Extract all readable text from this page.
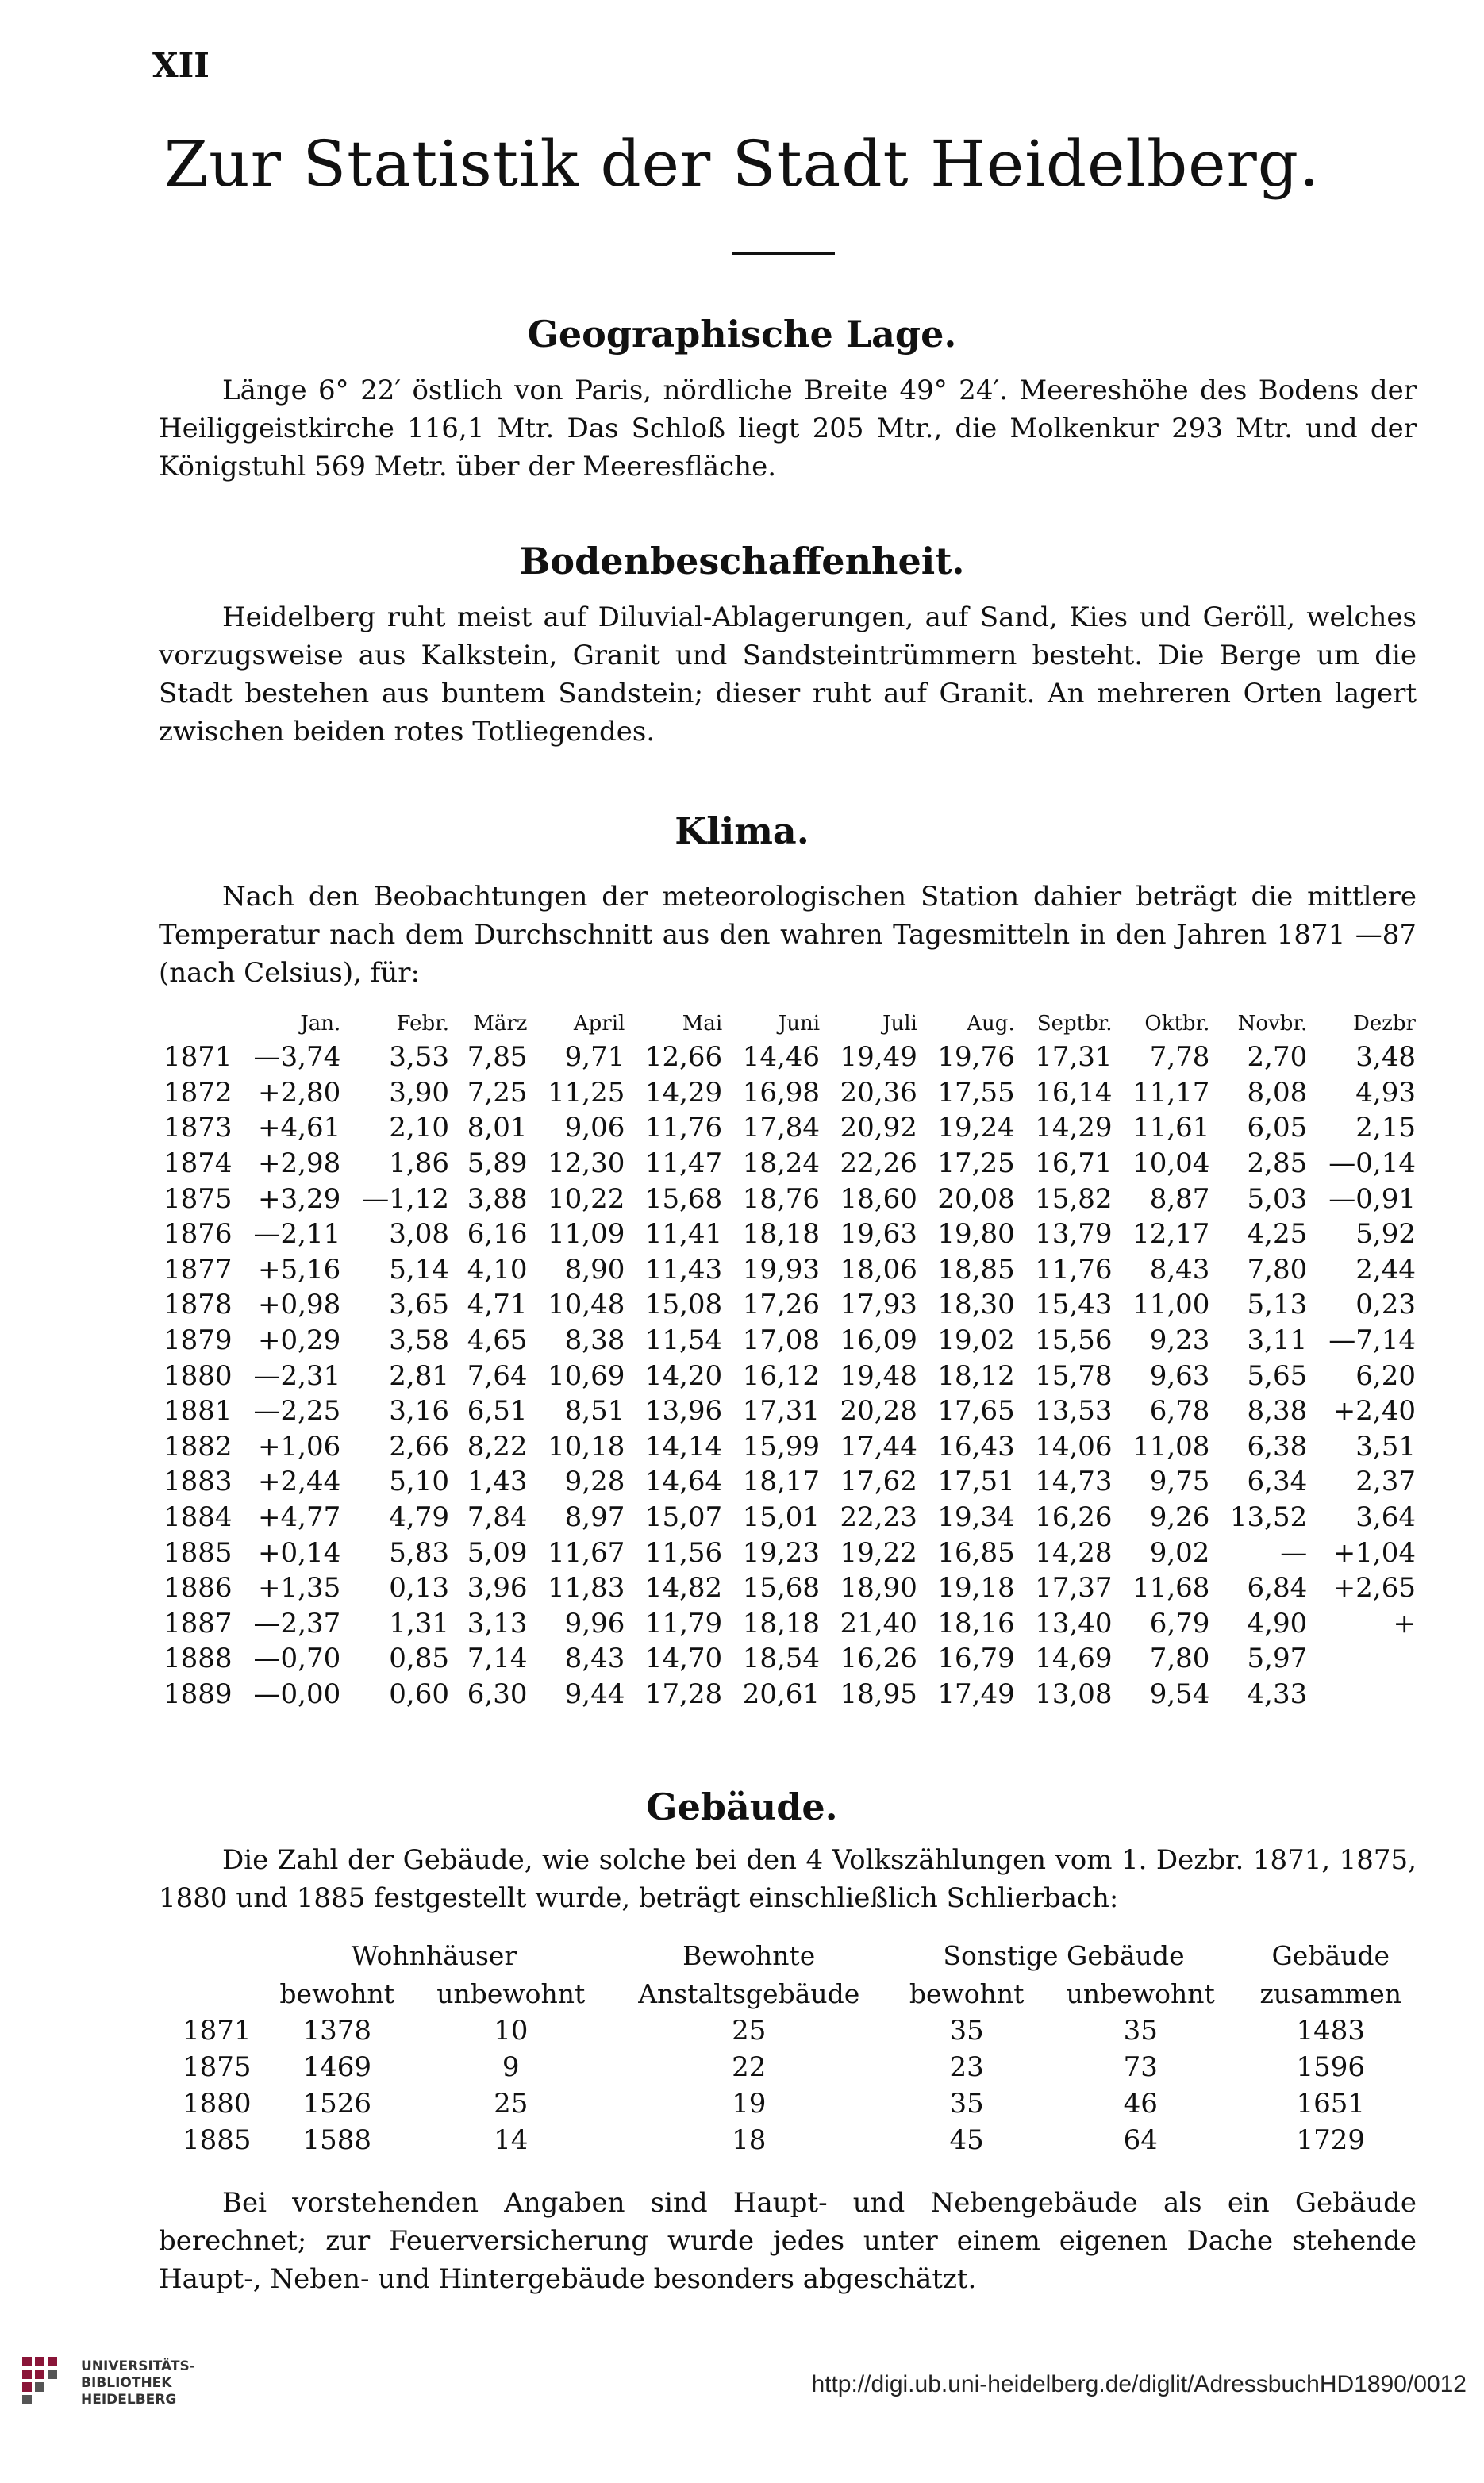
XII
Zur Statistik der Stadt Heidelberg.
Geographische Lage.
Länge 6° 22′ östlich von Paris, nördliche Breite 49° 24′. Meereshöhe des Bodens der Heiliggeistkirche 116,1 Mtr. Das Schloß liegt 205 Mtr., die Molkenkur 293 Mtr. und der Königstuhl 569 Metr. über der Meeresfläche.
Bodenbeschaffenheit.
Heidelberg ruht meist auf Diluvial-Ablagerungen, auf Sand, Kies und Geröll, welches vorzugsweise aus Kalkstein, Granit und Sandsteintrümmern besteht. Die Berge um die Stadt bestehen aus buntem Sandstein; dieser ruht auf Granit. An mehreren Orten lagert zwischen beiden rotes Totliegendes.
Klima.
Nach den Beobachtungen der meteorologischen Station dahier beträgt die mittlere Temperatur nach dem Durchschnitt aus den wahren Tagesmitteln in den Jahren 1871 —87 (nach Celsius), für:
	Jan.	Febr.	März	April	Mai	Juni	Juli	Aug.	Septbr.	Oktbr.	Novbr.	Dezbr
1871	—3,74	3,53	7,85	9,71	12,66	14,46	19,49	19,76	17,31	7,78	2,70	3,48
1872	+2,80	3,90	7,25	11,25	14,29	16,98	20,36	17,55	16,14	11,17	8,08	4,93
1873	+4,61	2,10	8,01	9,06	11,76	17,84	20,92	19,24	14,29	11,61	6,05	2,15
1874	+2,98	1,86	5,89	12,30	11,47	18,24	22,26	17,25	16,71	10,04	2,85	—0,14
1875	+3,29	—1,12	3,88	10,22	15,68	18,76	18,60	20,08	15,82	8,87	5,03	—0,91
1876	—2,11	3,08	6,16	11,09	11,41	18,18	19,63	19,80	13,79	12,17	4,25	5,92
1877	+5,16	5,14	4,10	8,90	11,43	19,93	18,06	18,85	11,76	8,43	7,80	2,44
1878	+0,98	3,65	4,71	10,48	15,08	17,26	17,93	18,30	15,43	11,00	5,13	0,23
1879	+0,29	3,58	4,65	8,38	11,54	17,08	16,09	19,02	15,56	9,23	3,11	—7,14
1880	—2,31	2,81	7,64	10,69	14,20	16,12	19,48	18,12	15,78	9,63	5,65	6,20
1881	—2,25	3,16	6,51	8,51	13,96	17,31	20,28	17,65	13,53	6,78	8,38	+2,40
1882	+1,06	2,66	8,22	10,18	14,14	15,99	17,44	16,43	14,06	11,08	6,38	3,51
1883	+2,44	5,10	1,43	9,28	14,64	18,17	17,62	17,51	14,73	9,75	6,34	2,37
1884	+4,77	4,79	7,84	8,97	15,07	15,01	22,23	19,34	16,26	9,26	13,52	3,64
1885	+0,14	5,83	5,09	11,67	11,56	19,23	19,22	16,85	14,28	9,02	—	+1,04
1886	+1,35	0,13	3,96	11,83	14,82	15,68	18,90	19,18	17,37	11,68	6,84	+2,65
1887	—2,37	1,31	3,13	9,96	11,79	18,18	21,40	18,16	13,40	6,79	4,90	+
1888	—0,70	0,85	7,14	8,43	14,70	18,54	16,26	16,79	14,69	7,80	5,97	
1889	—0,00	0,60	6,30	9,44	17,28	20,61	18,95	17,49	13,08	9,54	4,33	
Gebäude.
Die Zahl der Gebäude, wie solche bei den 4 Volkszählungen vom 1. Dezbr. 1871, 1875, 1880 und 1885 festgestellt wurde, beträgt einschließlich Schlierbach:
	Wohnhäuser		Bewohnte	Sonstige Gebäude		Gebäude
	bewohnt	unbewohnt	Anstaltsgebäude	bewohnt	unbewohnt	zusammen
1871	1378	10	25	35	35	1483
1875	1469	9	22	23	73	1596
1880	1526	25	19	35	46	1651
1885	1588	14	18	45	64	1729
Bei vorstehenden Angaben sind Haupt- und Nebengebäude als ein Gebäude berechnet; zur Feuerversicherung wurde jedes unter einem eigenen Dache stehende Haupt-, Neben- und Hintergebäude besonders abgeschätzt.
UNIVERSITÄTS-
BIBLIOTHEK
HEIDELBERG
http://digi.ub.uni-heidelberg.de/diglit/AdressbuchHD1890/0012
